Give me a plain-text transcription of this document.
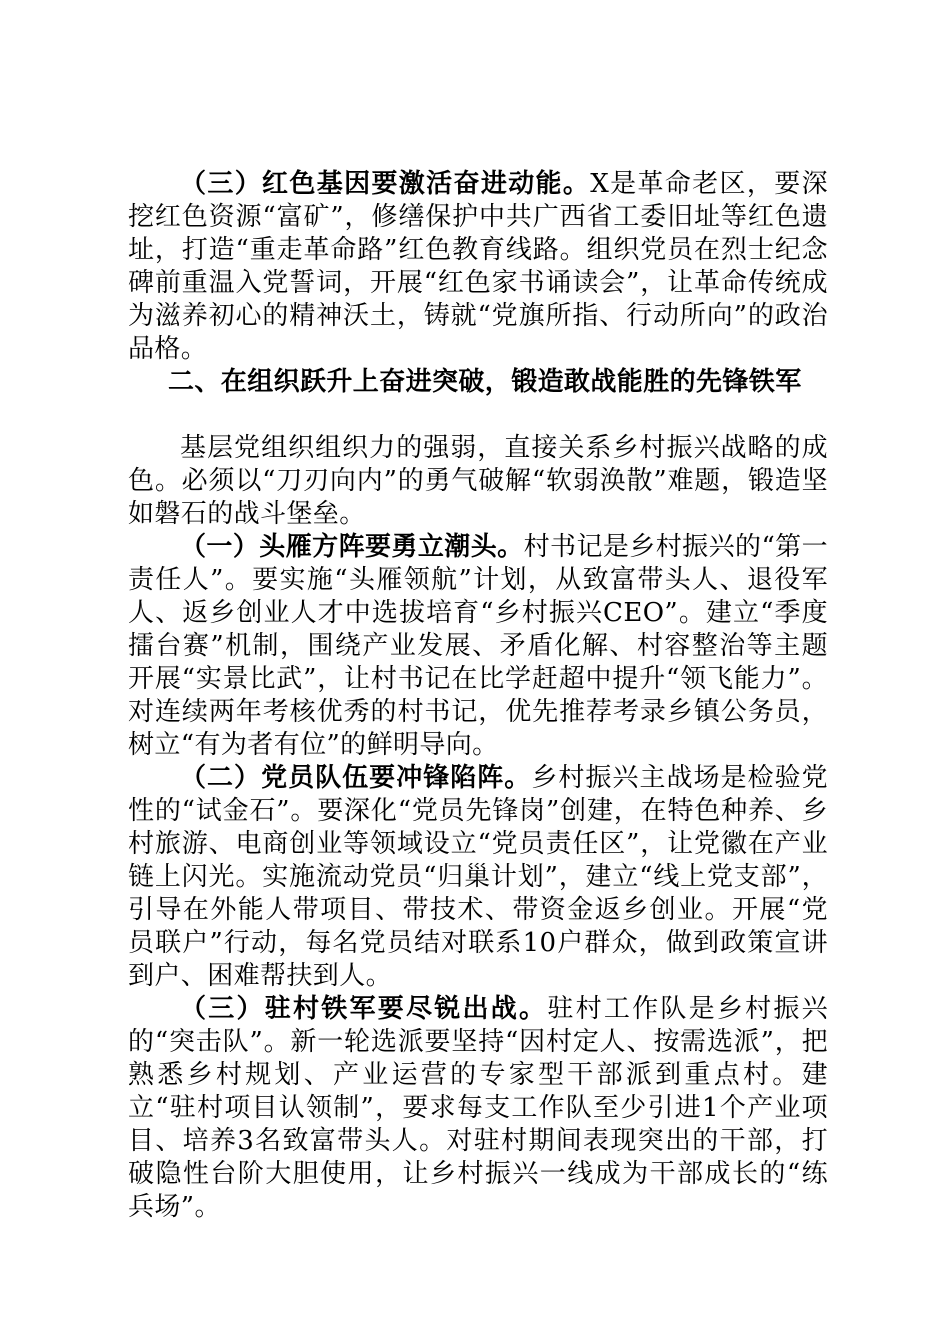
（三）红色基因要激活奋进动能。X是革命老区，要深挖红色资源“富矿”，修缮保护中共广西省工委旧址等红色遗址，打造“重走革命路”红色教育线路。组织党员在烈士纪念碑前重温入党誓词，开展“红色家书诵读会”，让革命传统成为滋养初心的精神沃土，铸就“党旗所指、行动所向”的政治品格。

二、在组织跃升上奋进突破，锻造敢战能胜的先锋铁军

基层党组织组织力的强弱，直接关系乡村振兴战略的成色。必须以“刀刃向内”的勇气破解“软弱涣散”难题，锻造坚如磐石的战斗堡垒。

（一）头雁方阵要勇立潮头。村书记是乡村振兴的“第一责任人”。要实施“头雁领航”计划，从致富带头人、退役军人、返乡创业人才中选拔培育“乡村振兴CEO”。建立“季度擂台赛”机制，围绕产业发展、矛盾化解、村容整治等主题开展“实景比武”，让村书记在比学赶超中提升“领飞能力”。对连续两年考核优秀的村书记，优先推荐考录乡镇公务员，树立“有为者有位”的鲜明导向。

（二）党员队伍要冲锋陷阵。乡村振兴主战场是检验党性的“试金石”。要深化“党员先锋岗”创建，在特色种养、乡村旅游、电商创业等领域设立“党员责任区”，让党徽在产业链上闪光。实施流动党员“归巢计划”，建立“线上党支部”，引导在外能人带项目、带技术、带资金返乡创业。开展“党员联户”行动，每名党员结对联系10户群众，做到政策宣讲到户、困难帮扶到人。

（三）驻村铁军要尽锐出战。驻村工作队是乡村振兴的“突击队”。新一轮选派要坚持“因村定人、按需选派”，把熟悉乡村规划、产业运营的专家型干部派到重点村。建立“驻村项目认领制”，要求每支工作队至少引进1个产业项目、培养3名致富带头人。对驻村期间表现突出的干部，打破隐性台阶大胆使用，让乡村振兴一线成为干部成长的“练兵场”。
